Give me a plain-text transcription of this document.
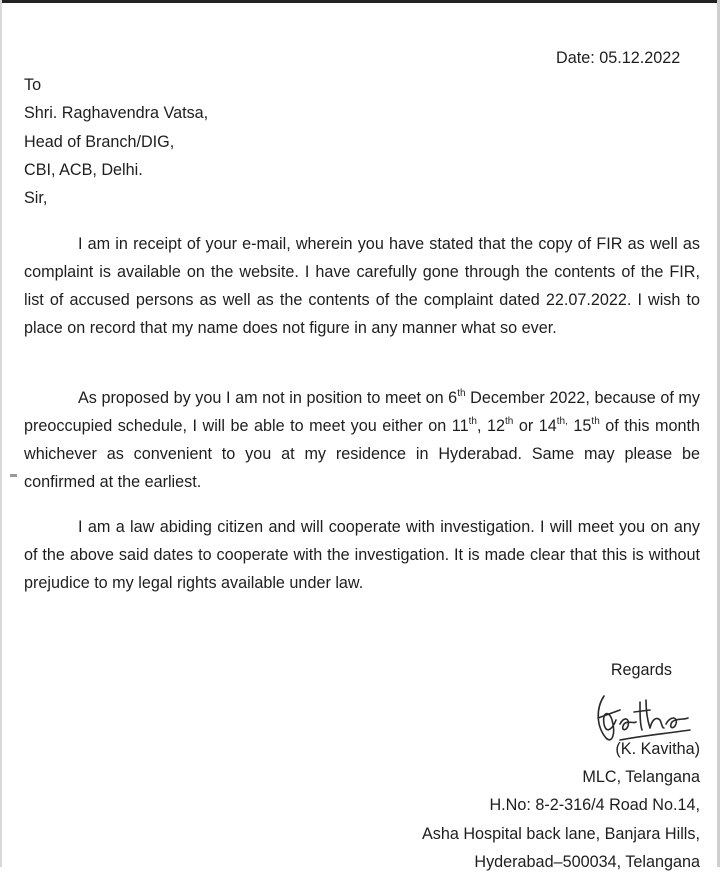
Date: 05.12.2022
To
Shri. Raghavendra Vatsa,
Head of Branch/DIG,
CBI, ACB, Delhi.
Sir,

I am in receipt of your e-mail, wherein you have stated that the copy of FIR as well as complaint is available on the website. I have carefully gone through the contents of the FIR, list of accused persons as well as the contents of the complaint dated 22.07.2022. I wish to place on record that my name does not figure in any manner what so ever.

As proposed by you I am not in position to meet on 6th December 2022, because of my preoccupied schedule, I will be able to meet you either on 11th, 12th or $14^{th,}$ 15th of this month whichever as convenient to you at my residence in Hyderabad. Same may please be confirmed at the earliest.

I am a law abiding citizen and will cooperate with investigation. I will meet you on any of the above said dates to cooperate with the investigation. It is made clear that this is without prejudice to my legal rights available under law.

Regards
(K. Kavitha)
MLC, Telangana
H.No: 8-2-316/4 Road No.14,
Asha Hospital back lane, Banjara Hills,
Hyderabad–500034, Telangana
